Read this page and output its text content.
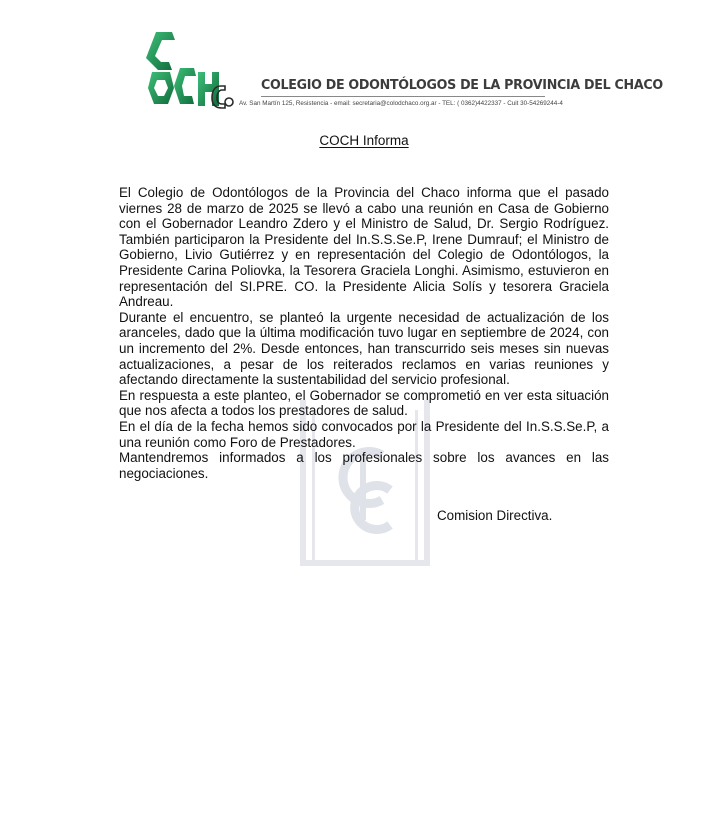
COLEGIO DE ODONTÓLOGOS DE LA PROVINCIA DEL CHACO
Av. San Martín 125, Resistencia - email: secretaria@colodchaco.org.ar - TEL: ( 0362)4422337 - Cuit 30-54269244-4
COCH Informa

El Colegio de Odontólogos de la Provincia del Chaco informa que el pasado viernes 28 de marzo de 2025 se llevó a cabo una reunión en Casa de Gobierno con el Gobernador Leandro Zdero y el Ministro de Salud, Dr. Sergio Rodríguez. También participaron la Presidente del In.S.S.Se.P, Irene Dumrauf; el Ministro de Gobierno, Livio Gutiérrez y en representación del Colegio de Odontólogos, la Presidente Carina Poliovka, la Tesorera Graciela Longhi. Asimismo, estuvieron en representación del SI.PRE. CO. la Presidente Alicia Solís y tesorera Graciela Andreau.

Durante el encuentro, se planteó la urgente necesidad de actualización de los aranceles, dado que la última modificación tuvo lugar en septiembre de 2024, con un incremento del 2%. Desde entonces, han transcurrido seis meses sin nuevas actualizaciones, a pesar de los reiterados reclamos en varias reuniones y afectando directamente la sustentabilidad del servicio profesional.

En respuesta a este planteo, el Gobernador se comprometió en ver esta situación que nos afecta a todos los prestadores de salud.

En el día de la fecha hemos sido convocados por la Presidente del In.S.S.Se.P, a una reunión como Foro de Prestadores.

Mantendremos informados a los profesionales sobre los avances en las negociaciones.

Comision Directiva.
